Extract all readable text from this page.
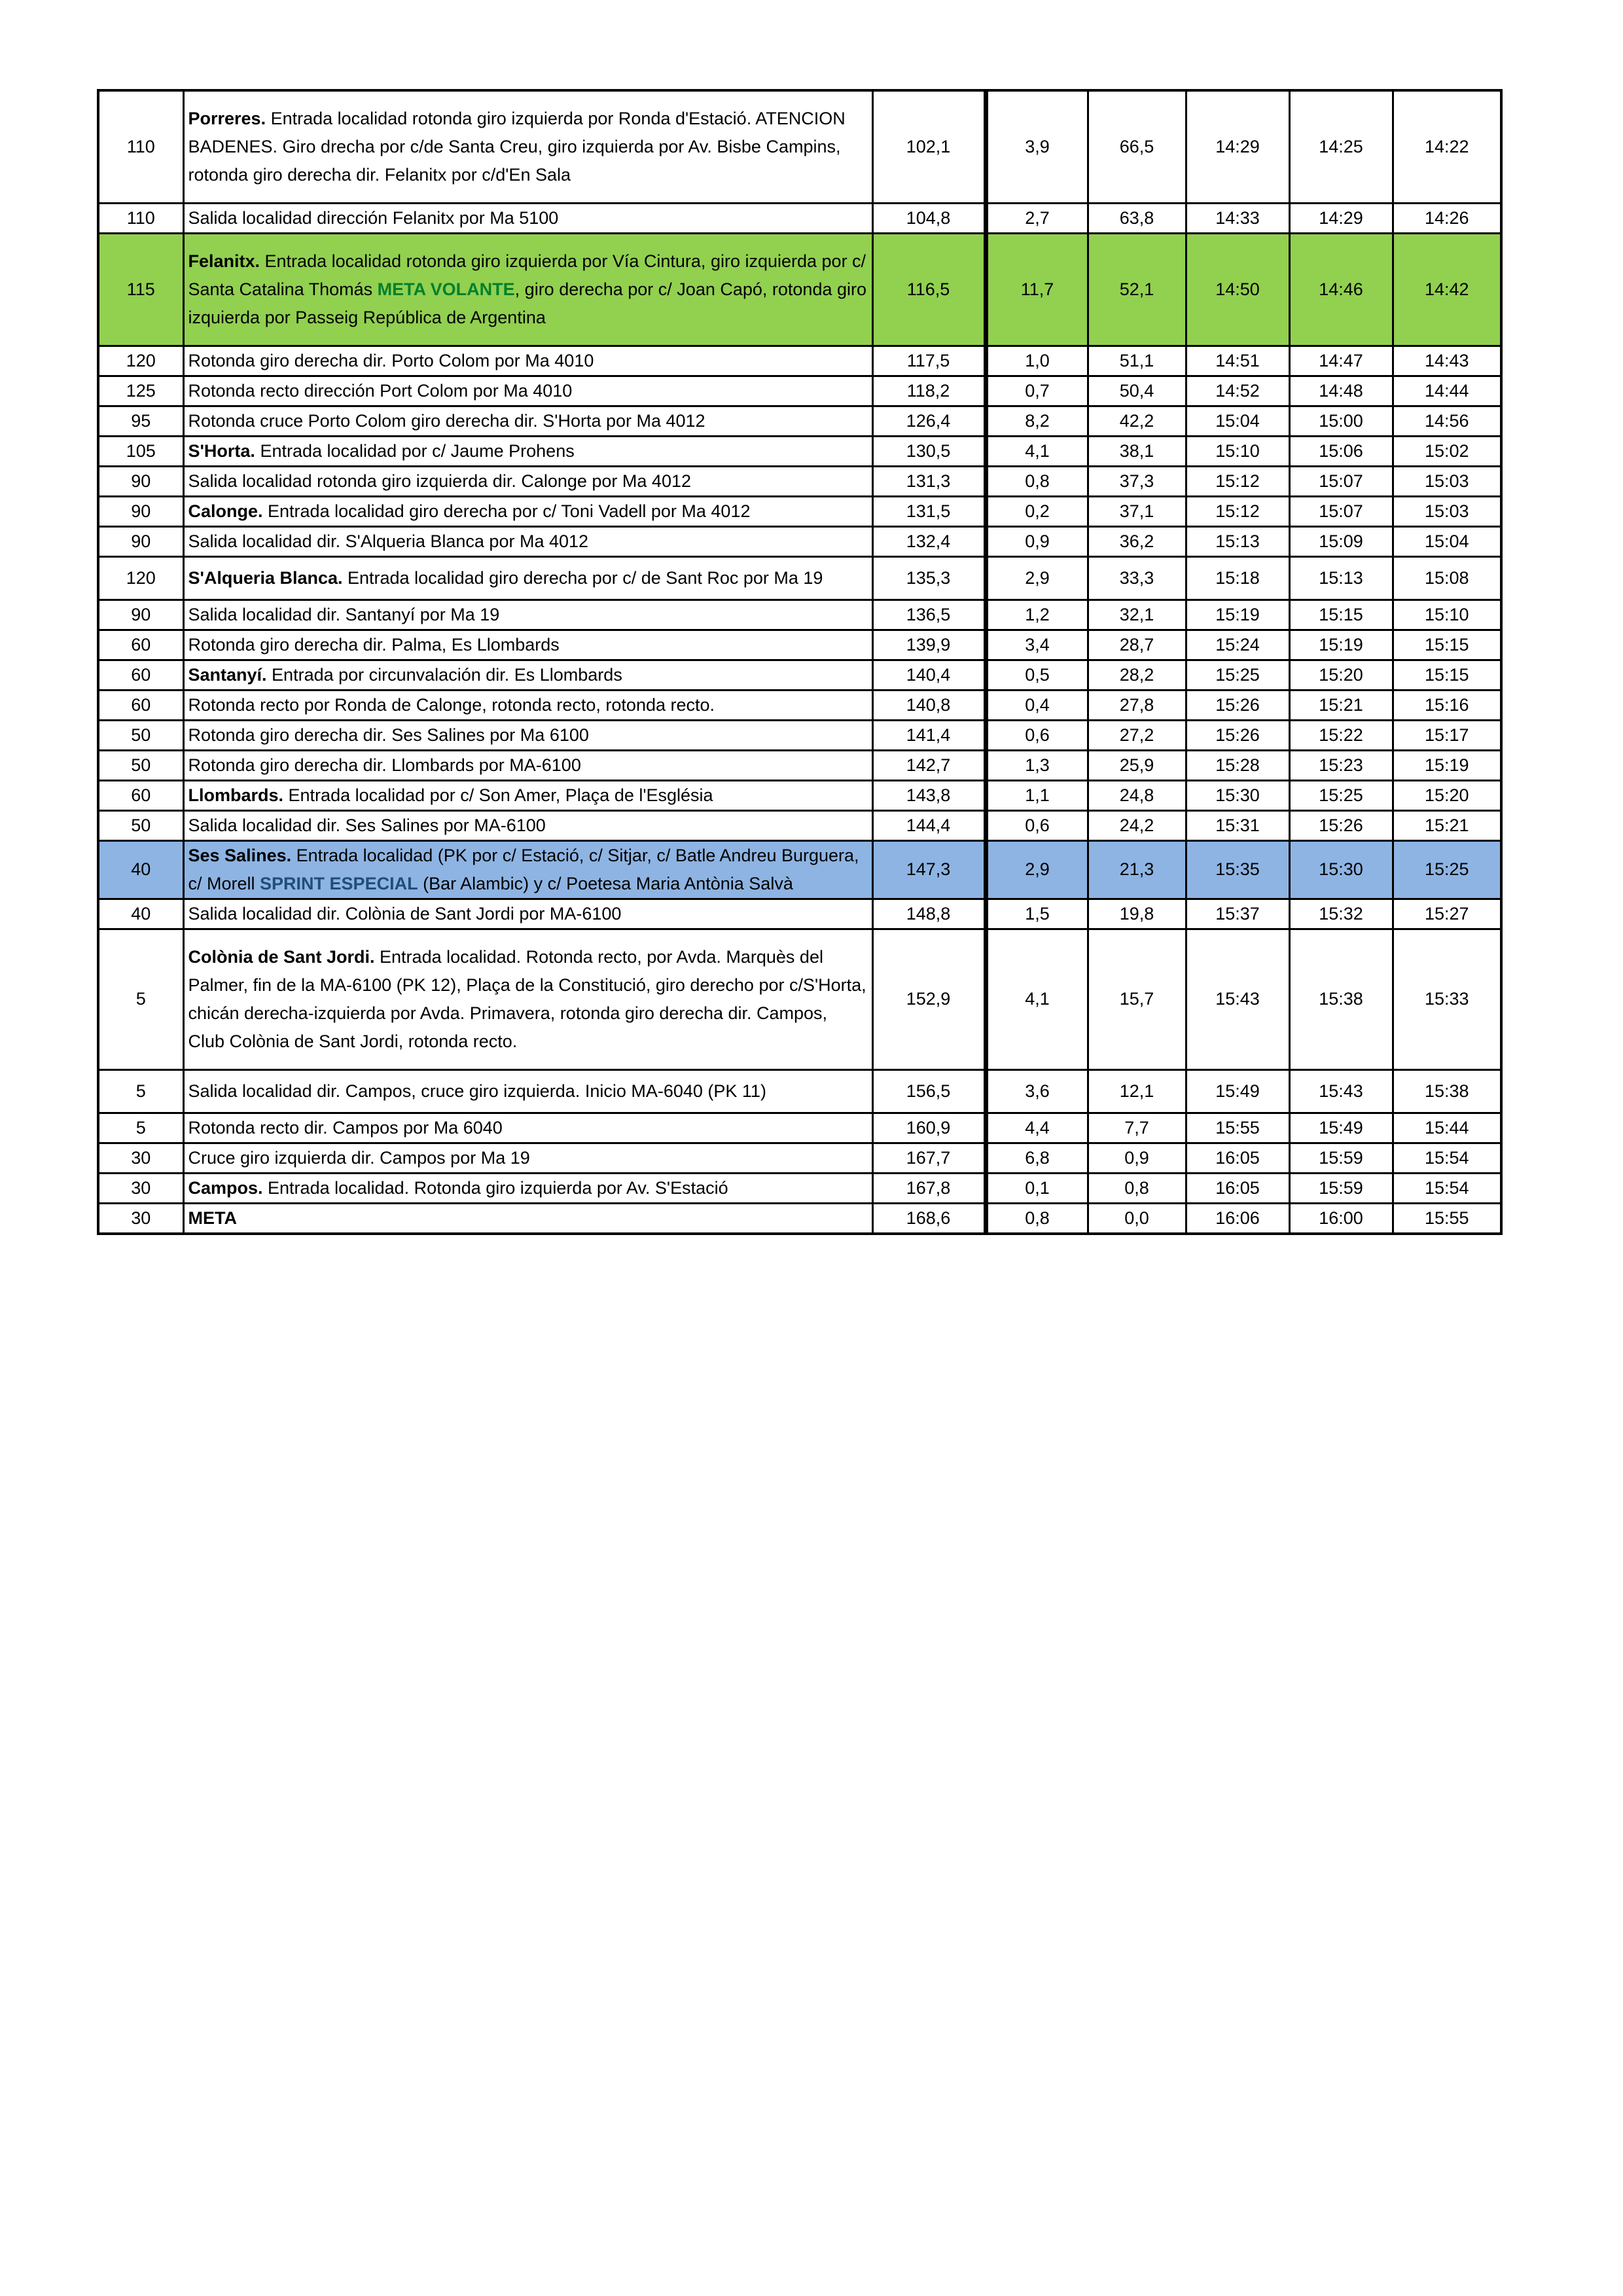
110	Porreres. Entrada localidad rotonda giro izquierda por Ronda d'Estació. ATENCION BADENES. Giro drecha por c/de Santa Creu, giro izquierda por Av. Bisbe Campins, rotonda giro derecha dir. Felanitx por c/d'En Sala	102,1	3,9	66,5	14:29	14:25	14:22
110	Salida localidad dirección Felanitx por Ma 5100	104,8	2,7	63,8	14:33	14:29	14:26
115	Felanitx. Entrada localidad rotonda giro izquierda por Vía Cintura, giro izquierda por c/ Santa Catalina Thomás META VOLANTE, giro derecha por c/ Joan Capó, rotonda giro izquierda por Passeig República de Argentina	116,5	11,7	52,1	14:50	14:46	14:42
120	Rotonda giro derecha dir. Porto Colom por Ma 4010	117,5	1,0	51,1	14:51	14:47	14:43
125	Rotonda recto dirección Port Colom por Ma 4010	118,2	0,7	50,4	14:52	14:48	14:44
95	Rotonda cruce Porto Colom giro derecha dir. S'Horta por Ma 4012	126,4	8,2	42,2	15:04	15:00	14:56
105	S'Horta. Entrada localidad por c/ Jaume Prohens	130,5	4,1	38,1	15:10	15:06	15:02
90	Salida localidad rotonda giro izquierda dir. Calonge por Ma 4012	131,3	0,8	37,3	15:12	15:07	15:03
90	Calonge. Entrada localidad giro derecha por c/ Toni Vadell por Ma 4012	131,5	0,2	37,1	15:12	15:07	15:03
90	Salida localidad dir. S'Alqueria Blanca por Ma 4012	132,4	0,9	36,2	15:13	15:09	15:04
120	S'Alqueria Blanca. Entrada localidad giro derecha por c/ de Sant Roc por Ma 19	135,3	2,9	33,3	15:18	15:13	15:08
90	Salida localidad dir. Santanyí por Ma 19	136,5	1,2	32,1	15:19	15:15	15:10
60	Rotonda giro derecha dir. Palma, Es Llombards	139,9	3,4	28,7	15:24	15:19	15:15
60	Santanyí. Entrada por circunvalación dir. Es Llombards	140,4	0,5	28,2	15:25	15:20	15:15
60	Rotonda recto por Ronda de Calonge, rotonda recto, rotonda recto.	140,8	0,4	27,8	15:26	15:21	15:16
50	Rotonda giro derecha dir. Ses Salines por Ma 6100	141,4	0,6	27,2	15:26	15:22	15:17
50	Rotonda giro derecha dir. Llombards por MA-6100	142,7	1,3	25,9	15:28	15:23	15:19
60	Llombards. Entrada localidad por c/ Son Amer, Plaça de l'Església	143,8	1,1	24,8	15:30	15:25	15:20
50	Salida localidad dir. Ses Salines por MA-6100	144,4	0,6	24,2	15:31	15:26	15:21
40	Ses Salines. Entrada localidad (PK por c/ Estació, c/ Sitjar, c/ Batle Andreu Burguera, c/ Morell SPRINT ESPECIAL (Bar Alambic) y c/ Poetesa Maria Antònia Salvà	147,3	2,9	21,3	15:35	15:30	15:25
40	Salida localidad dir. Colònia de Sant Jordi por MA-6100	148,8	1,5	19,8	15:37	15:32	15:27
5	Colònia de Sant Jordi. Entrada localidad. Rotonda recto, por Avda. Marquès del Palmer, fin de la MA-6100 (PK 12), Plaça de la Constitució, giro derecho por c/S'Horta, chicán derecha-izquierda por Avda. Primavera, rotonda giro derecha dir. Campos, Club Colònia de Sant Jordi, rotonda recto.	152,9	4,1	15,7	15:43	15:38	15:33
5	Salida localidad dir. Campos, cruce giro izquierda. Inicio MA-6040 (PK 11)	156,5	3,6	12,1	15:49	15:43	15:38
5	Rotonda recto dir. Campos por Ma 6040	160,9	4,4	7,7	15:55	15:49	15:44
30	Cruce giro izquierda dir. Campos por Ma 19	167,7	6,8	0,9	16:05	15:59	15:54
30	Campos. Entrada localidad. Rotonda giro izquierda por Av. S'Estació	167,8	0,1	0,8	16:05	15:59	15:54
30	META	168,6	0,8	0,0	16:06	16:00	15:55
